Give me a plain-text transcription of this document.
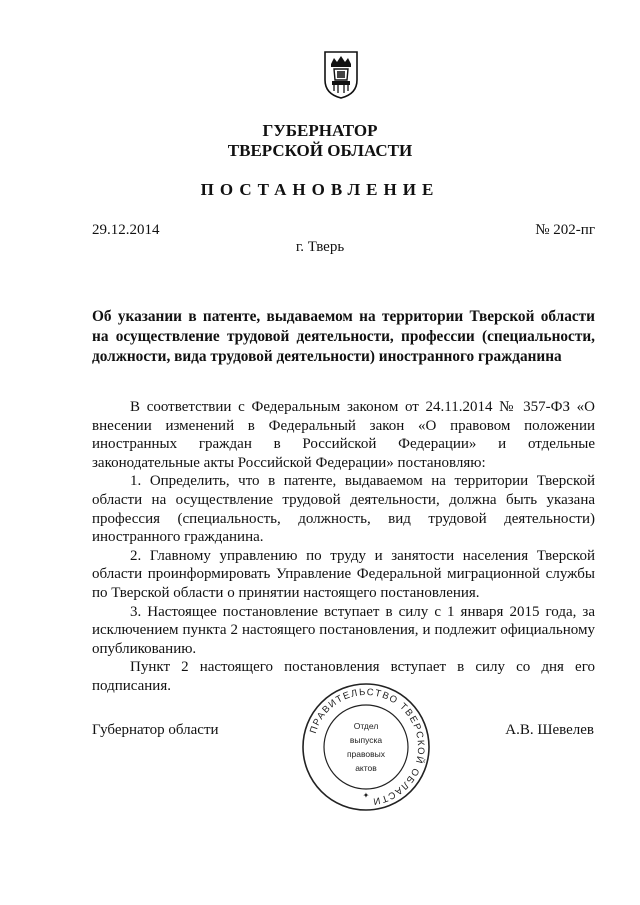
ГУБЕРНАТОР
ТВЕРСКОЙ ОБЛАСТИ
ПОСТАНОВЛЕНИЕ
29.12.2014	№ 202-пг
г. Тверь
Об указании в патенте, выдаваемом на территории Тверской области на осуществление трудовой деятельности, профессии (специальности, должности, вида трудовой деятельности) иностранного гражданина

В соответствии с Федеральным законом от 24.11.2014 № 357-ФЗ «О внесении изменений в Федеральный закон «О правовом положении иностранных граждан в Российской Федерации» и отдельные законодательные акты Российской Федерации» постановляю:

1. Определить, что в патенте, выдаваемом на территории Тверской области на осуществление трудовой деятельности, должна быть указана профессия (специальность, должность, вид трудовой деятельности) иностранного гражданина.

2. Главному управлению по труду и занятости населения Тверской области проинформировать Управление Федеральной миграционной службы по Тверской области о принятии настоящего постановления.

3. Настоящее постановление вступает в силу с 1 января 2015 года, за исключением пункта 2 настоящего постановления, и подлежит официальному опубликованию.

Пункт 2 настоящего постановления вступает в силу со дня его подписания.

Губернатор области	А.В. Шевелев
ПРАВИТЕЛЬСТВО ТВЕРСКОЙ ОБЛАСТИ
Отдел
выпуска
правовых
актов
✦
